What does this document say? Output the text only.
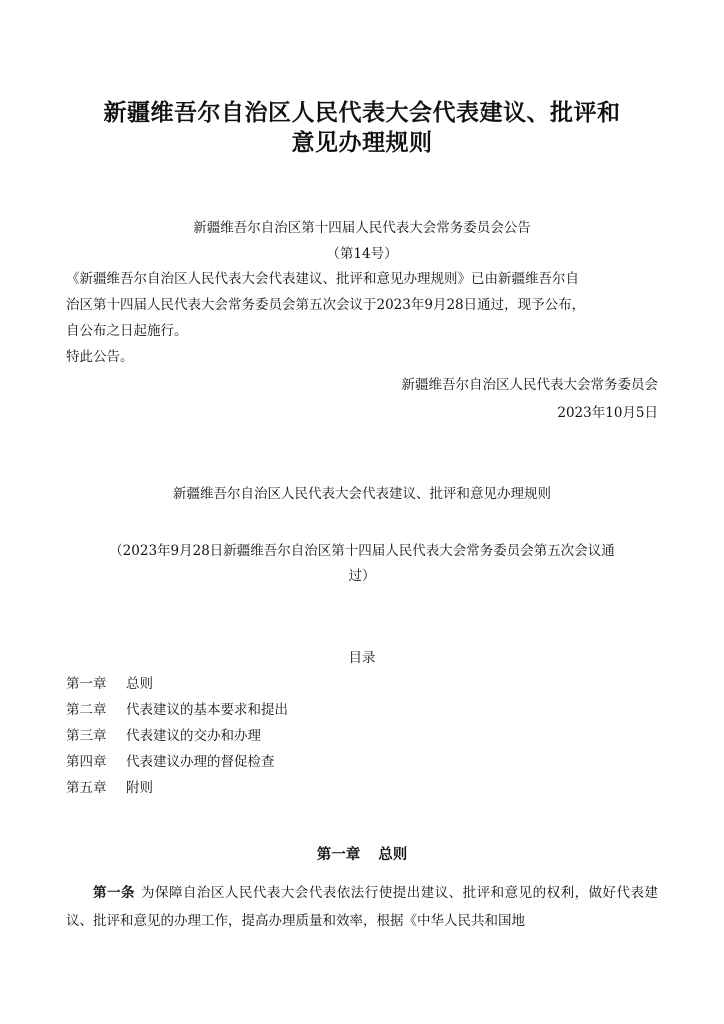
新疆维吾尔自治区人民代表大会代表建议、批评和
意见办理规则
新疆维吾尔自治区第十四届人民代表大会常务委员会公告
（第14号）
《新疆维吾尔自治区人民代表大会代表建议、批评和意见办理规则》已由新疆维吾尔自
治区第十四届人民代表大会常务委员会第五次会议于2023年9月28日通过，现予公布，
自公布之日起施行。
特此公告。
新疆维吾尔自治区人民代表大会常务委员会
2023年10月5日
新疆维吾尔自治区人民代表大会代表建议、批评和意见办理规则
（2023年9月28日新疆维吾尔自治区第十四届人民代表大会常务委员会第五次会议通
过）
目录
第一章 总则
第二章 代表建议的基本要求和提出
第三章 代表建议的交办和办理
第四章 代表建议办理的督促检查
第五章 附则
第一章 总则
第一条 为保障自治区人民代表大会代表依法行使提出建议、批评和意见的权利，做好代表建议、批评和意见的办理工作，提高办理质量和效率，根据《中华人民共和国地
